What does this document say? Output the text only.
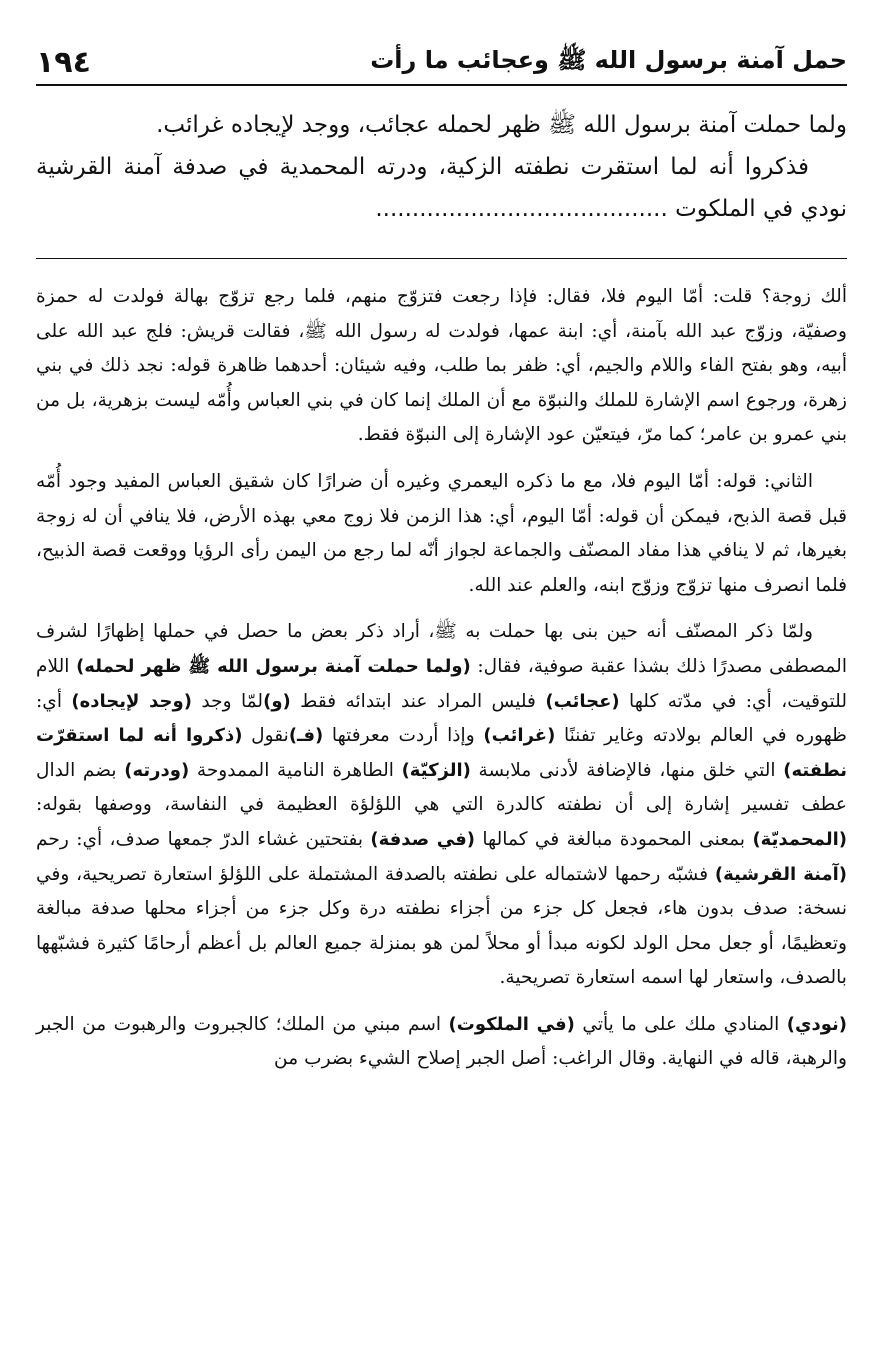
حمل آمنة برسول الله ﷺ وعجائب ما رأت
١٩٤

ولما حملت آمنة برسول الله ﷺ ظهر لحمله عجائب، ووجد لإيجاده غرائب.

فذكروا أنه لما استقرت نطفته الزكية، ودرته المحمدية في صدفة آمنة القرشية نودي في الملكوت ........................................

ألك زوجة؟ قلت: أمّا اليوم فلا، فقال: فإذا رجعت فتزوّج منهم، فلما رجع تزوّج بهالة فولدت له حمزة وصفيّة، وزوّج عبد الله بآمنة، أي: ابنة عمها، فولدت له رسول الله ﷺ، فقالت قريش: فلج عبد الله على أبيه، وهو بفتح الفاء واللام والجيم، أي: ظفر بما طلب، وفيه شيئان: أحدهما ظاهرة قوله: نجد ذلك في بني زهرة، ورجوع اسم الإشارة للملك والنبوّة مع أن الملك إنما كان في بني العباس وأُمّه ليست بزهرية، بل من بني عمرو بن عامر؛ كما مرّ، فيتعيّن عود الإشارة إلى النبوّة فقط.

الثاني: قوله: أمّا اليوم فلا، مع ما ذكره اليعمري وغيره أن ضرارًا كان شقيق العباس المفيد وجود أُمّه قبل قصة الذبح، فيمكن أن قوله: أمّا اليوم، أي: هذا الزمن فلا زوج معي بهذه الأرض، فلا ينافي أن له زوجة بغيرها، ثم لا ينافي هذا مفاد المصنّف والجماعة لجواز أنّه لما رجع من اليمن رأى الرؤيا ووقعت قصة الذبيح، فلما انصرف منها تزوّج وزوّج ابنه، والعلم عند الله.

ولمّا ذكر المصنّف أنه حين بنى بها حملت به ﷺ، أراد ذكر بعض ما حصل في حملها إظهارًا لشرف المصطفى مصدرًا ذلك بشذا عقبة صوفية، فقال: (ولما حملت آمنة برسول الله ﷺ ظهر لحمله) اللام للتوقيت، أي: في مدّته كلها (عجائب) فليس المراد عند ابتدائه فقط (و)لمّا وجد (وجد لإيجاده) أي: ظهوره في العالم بولادته وغاير تفننًا (غرائب) وإذا أردت معرفتها (فـ)نقول (ذكروا أنه لما استقرّت نطفته) التي خلق منها، فالإضافة لأدنى ملابسة (الزكيّة) الطاهرة النامية الممدوحة (ودرته) بضم الدال عطف تفسير إشارة إلى أن نطفته كالدرة التي هي اللؤلؤة العظيمة في النفاسة، ووصفها بقوله: (المحمديّة) بمعنى المحمودة مبالغة في كمالها (في صدفة) بفتحتين غشاء الدرّ جمعها صدف، أي: رحم (آمنة القرشية) فشبّه رحمها لاشتماله على نطفته بالصدفة المشتملة على اللؤلؤ استعارة تصريحية، وفي نسخة: صدف بدون هاء، فجعل كل جزء من أجزاء نطفته درة وكل جزء من أجزاء محلها صدفة مبالغة وتعظيمًا، أو جعل محل الولد لكونه مبدأ أو محلاً لمن هو بمنزلة جميع العالم بل أعظم أرحامًا كثيرة فشبّهها بالصدف، واستعار لها اسمه استعارة تصريحية.

(نودي) المنادي ملك على ما يأتي (في الملكوت) اسم مبني من الملك؛ كالجبروت والرهبوت من الجبر والرهبة، قاله في النهاية. وقال الراغب: أصل الجبر إصلاح الشيء بضرب من
